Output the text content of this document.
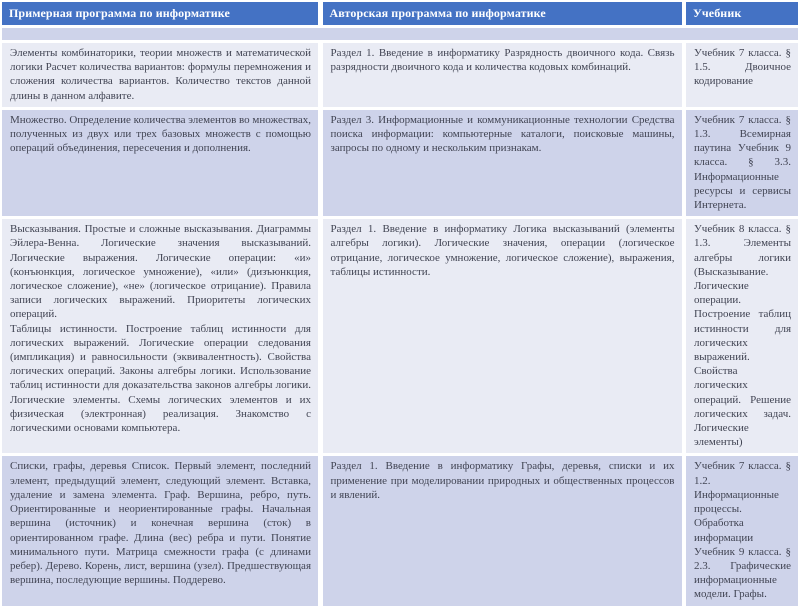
Примерная программа по информатике	Авторская программа по информатике	Учебник

Элементы комбинаторики, теории множеств и математической логики Расчет количества вариантов: формулы перемножения и сложения количества вариантов. Количество текстов данной длины в данном алфавите.

Раздел 1. Введение в информатику Разрядность двоичного кода. Связь разрядности двоичного кода и количества кодовых комбинаций.

Учебник 7 класса. § 1.5. Двоичное кодирование

Множество. Определение количества элементов во множествах, полученных из двух или трех базовых множеств с помощью операций объединения, пересечения и дополнения.

Раздел 3. Информационные и коммуникационные технологии Средства поиска информации: компьютерные каталоги, поисковые машины, запросы по одному и нескольким признакам.

Учебник 7 класса. § 1.3. Всемирная паутина Учебник 9 класса. § 3.3. Информационные ресурсы и сервисы Интернета.

Высказывания. Простые и сложные высказывания. Диаграммы Эйлера-Венна. Логические значения высказываний. Логические выражения. Логические операции: «и» (конъюнкция, логическое умножение), «или» (дизъюнкция, логическое сложение), «не» (логическое отрицание). Правила записи логических выражений. Приоритеты логических операций.

Таблицы истинности. Построение таблиц истинности для логических выражений. Логические операции следования (импликация) и равносильности (эквивалентность). Свойства логических операций. Законы алгебры логики. Использование таблиц истинности для доказательства законов алгебры логики. Логические элементы. Схемы логических элементов и их физическая (электронная) реализация. Знакомство с логическими основами компьютера.

Раздел 1. Введение в информатику Логика высказываний (элементы алгебры логики). Логические значения, операции (логическое отрицание, логическое умножение, логическое сложение), выражения, таблицы истинности.

Учебник 8 класса. § 1.3. Элементы алгебры логики (Высказывание. Логические операции. Построение таблиц истинности для логических выражений. Свойства логических операций. Решение логических задач. Логические элементы)

Списки, графы, деревья Список. Первый элемент, последний элемент, предыдущий элемент, следующий элемент. Вставка, удаление и замена элемента. Граф. Вершина, ребро, путь. Ориентированные и неориентированные графы. Начальная вершина (источник) и конечная вершина (сток) в ориентированном графе. Длина (вес) ребра и пути. Понятие минимального пути. Матрица смежности графа (с длинами ребер). Дерево. Корень, лист, вершина (узел). Предшествующая вершина, последующие вершины. Поддерево.

Раздел 1. Введение в информатику Графы, деревья, списки и их применение при моделировании природных и общественных процессов и явлений.

Учебник 7 класса. § 1.2. Информационные процессы. Обработка информации Учебник 9 класса. § 2.3. Графические информационные модели. Графы.
